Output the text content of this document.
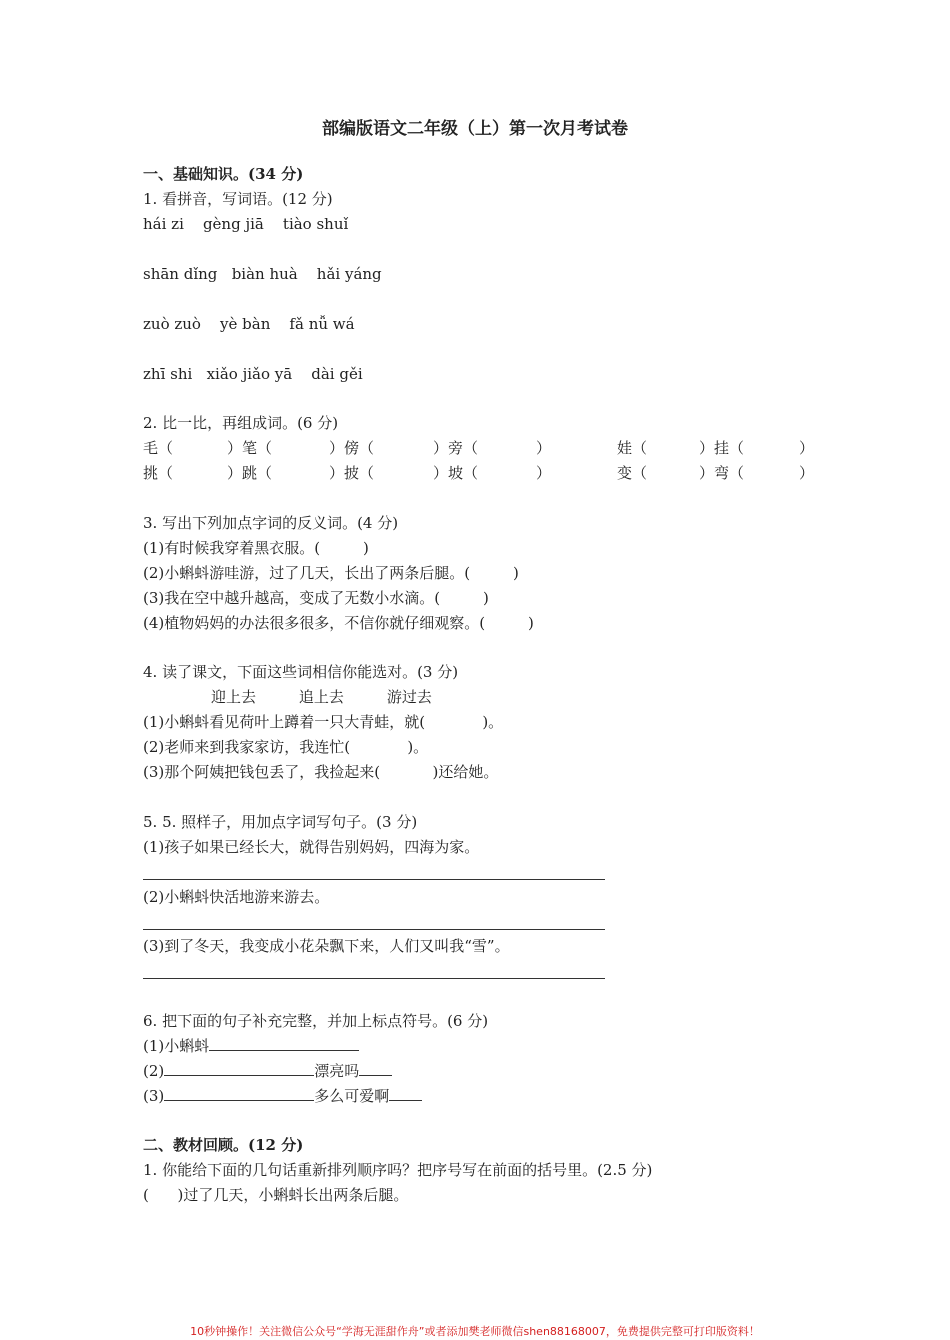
部编版语文二年级（上）第一次月考试卷

一、基础知识。(34 分)

1. 看拼音，写词语。(12 分)

hái zi    gèng jiā    tiào shuǐ

shān dǐng   biàn huà    hǎi yáng

zuò zuò    yè bàn    fǎ nǚ wá

zhī shi   xiǎo jiǎo yā    dài gěi

2. 比一比，再组成词。(6 分)

毛（	）笔（	）傍（	）旁（	）	娃（	）挂（	）
挑（	）跳（	）披（	）坡（	）	变（	）弯（	）

3. 写出下列加点字词的反义词。(4 分)

(1)有时候我穿着黑衣服。(         )

(2)小蝌蚪游哇游，过了几天，长出了两条后腿。(         )

(3)我在空中越升越高，变成了无数小水滴。(         )

(4)植物妈妈的办法很多很多，不信你就仔细观察。(         )

4. 读了课文，下面这些词相信你能选对。(3 分)

迎上去         追上去         游过去

(1)小蝌蚪看见荷叶上蹲着一只大青蛙，就(            )。

(2)老师来到我家家访，我连忙(            )。

(3)那个阿姨把钱包丢了，我捡起来(           )还给她。

5. 5. 照样子，用加点字词写句子。(3 分)

(1)孩子如果已经长大，就得告别妈妈，四海为家。

(2)小蝌蚪快活地游来游去。

(3)到了冬天，我变成小花朵飘下来，人们又叫我“雪”。

6. 把下面的句子补充完整，并加上标点符号。(6 分)

(1)小蝌蚪

(2)	漂亮吗

(3)	多么可爱啊

二、教材回顾。(12 分)

1. 你能给下面的几句话重新排列顺序吗？把序号写在前面的括号里。(2.5 分)

(      )过了几天，小蝌蚪长出两条后腿。

10秒钟操作！关注微信公众号“学海无涯甜作舟”或者添加樊老师微信shen88168007，免费提供完整可打印版资料！
